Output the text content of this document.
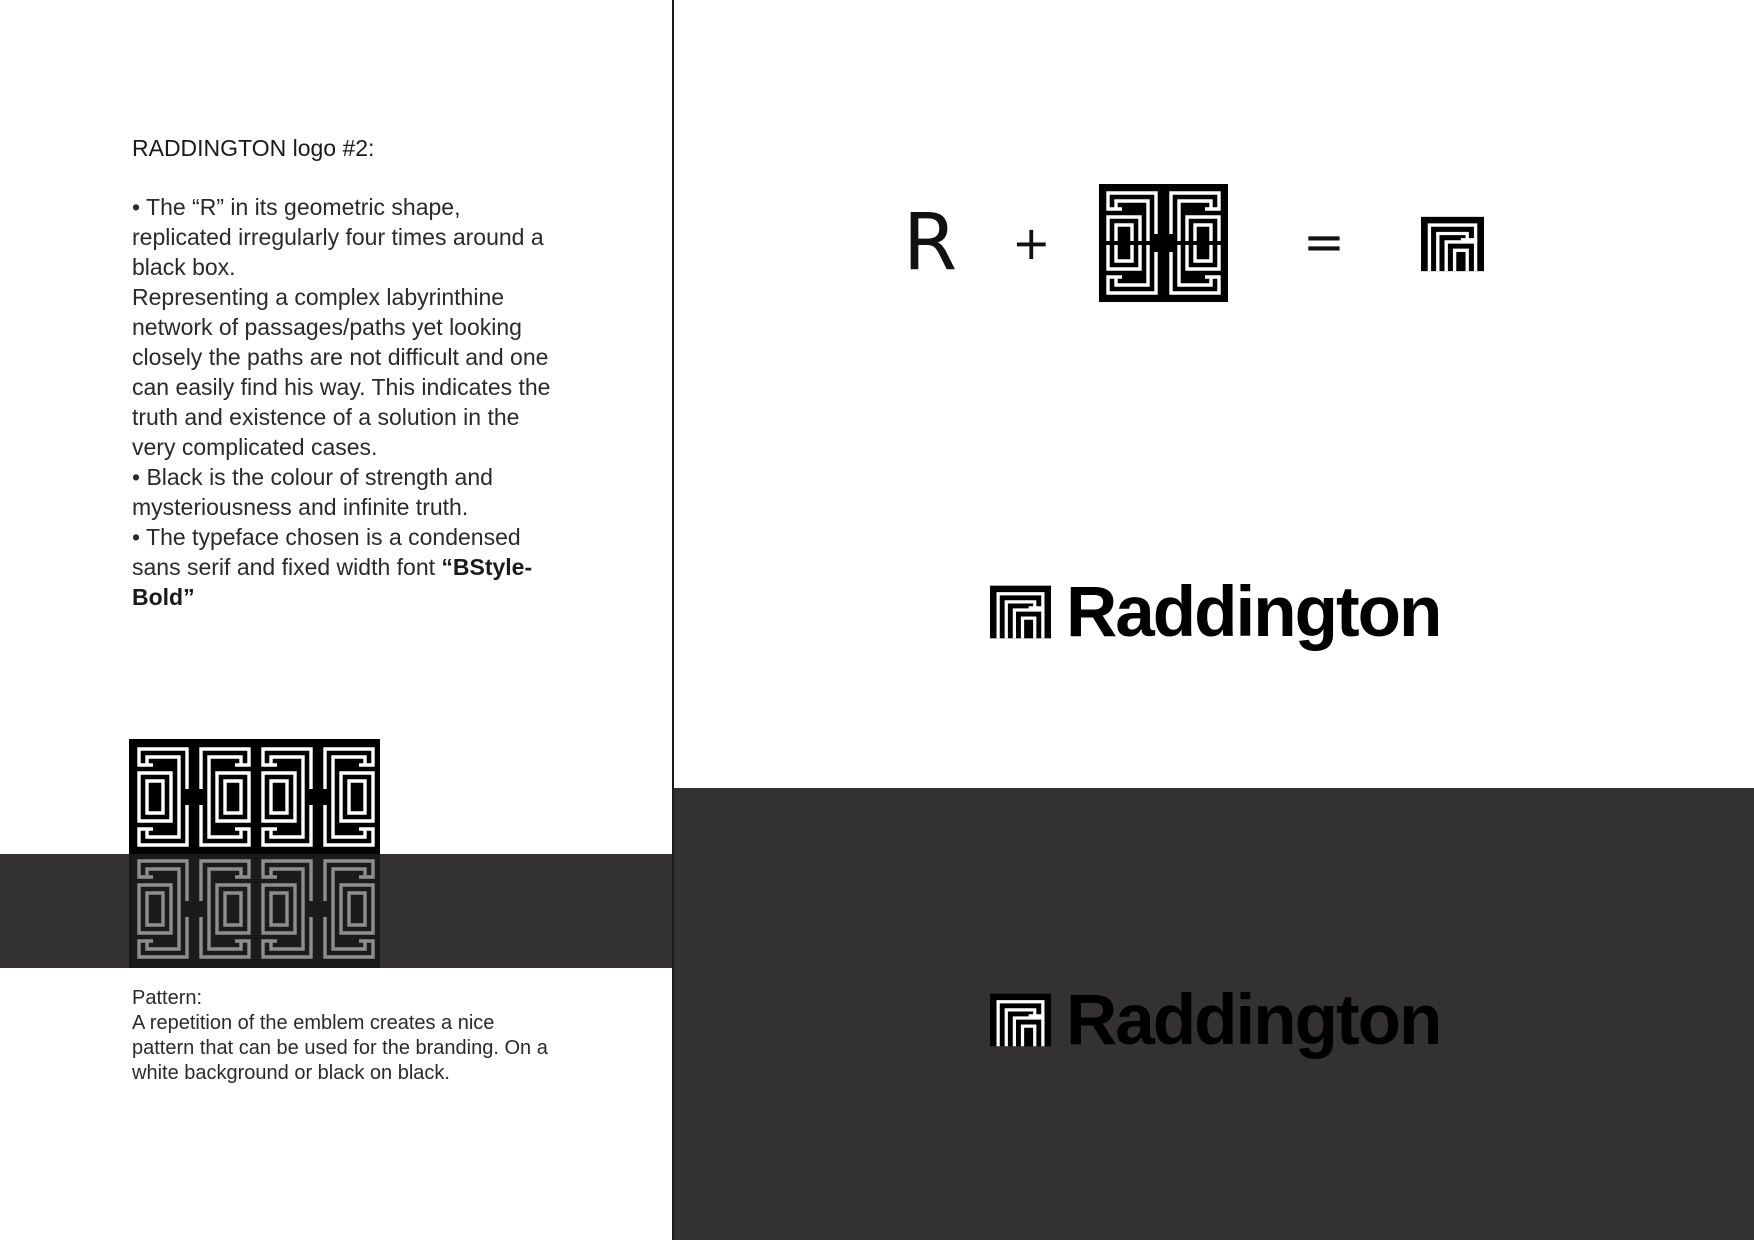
RADDINGTON logo #2:

• The “R” in its geometric shape, replicated irregularly four times around a black box.

Representing a complex labyrinthine network of passages/paths yet looking closely the paths are not difficult and one can easily find his way. This indicates the truth and existence of a solution in the very complicated cases.

• Black is the colour of strength and mysteriousness and infinite truth.

• The typeface chosen is a condensed sans serif and fixed width font “BStyle-Bold”

Pattern:

A repetition of the emblem creates a nice pattern that can be used for the branding. On a white background or black on black.

R +	=
Raddington
Raddington
